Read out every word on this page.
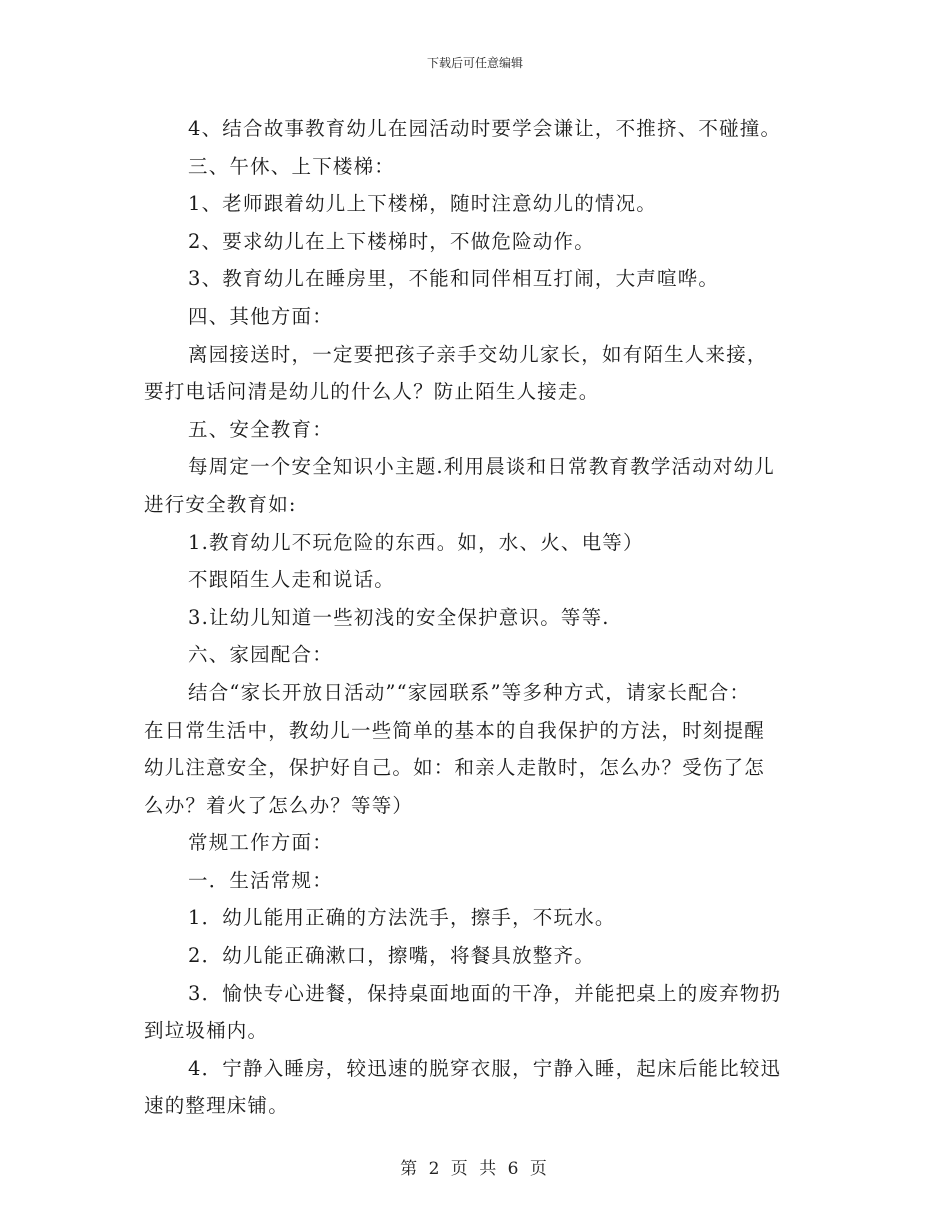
下载后可任意编辑
4、结合故事教育幼儿在园活动时要学会谦让，不推挤、不碰撞。
三、午休、上下楼梯：
1、老师跟着幼儿上下楼梯，随时注意幼儿的情况。
2、要求幼儿在上下楼梯时，不做危险动作。
3、教育幼儿在睡房里，不能和同伴相互打闹，大声喧哗。
四、其他方面：
离园接送时，一定要把孩子亲手交幼儿家长，如有陌生人来接，
要打电话问清是幼儿的什么人？防止陌生人接走。
五、安全教育：
每周定一个安全知识小主题.利用晨谈和日常教育教学活动对幼儿
进行安全教育如:
1.教育幼儿不玩危险的东西。如，水、火、电等）
不跟陌生人走和说话。
3.让幼儿知道一些初浅的安全保护意识。等等.
六、家园配合：
结合“家长开放日活动”“家园联系”等多种方式，请家长配合：
在日常生活中，教幼儿一些简单的基本的自我保护的方法，时刻提醒
幼儿注意安全，保护好自己。如：和亲人走散时，怎么办？受伤了怎
么办？着火了怎么办？等等）
常规工作方面：
一．生活常规：
1．幼儿能用正确的方法洗手，擦手，不玩水。
2．幼儿能正确漱口，擦嘴，将餐具放整齐。
3．愉快专心进餐，保持桌面地面的干净，并能把桌上的废弃物扔
到垃圾桶内。
4．宁静入睡房，较迅速的脱穿衣服，宁静入睡，起床后能比较迅
速的整理床铺。
第 2 页 共 6 页
